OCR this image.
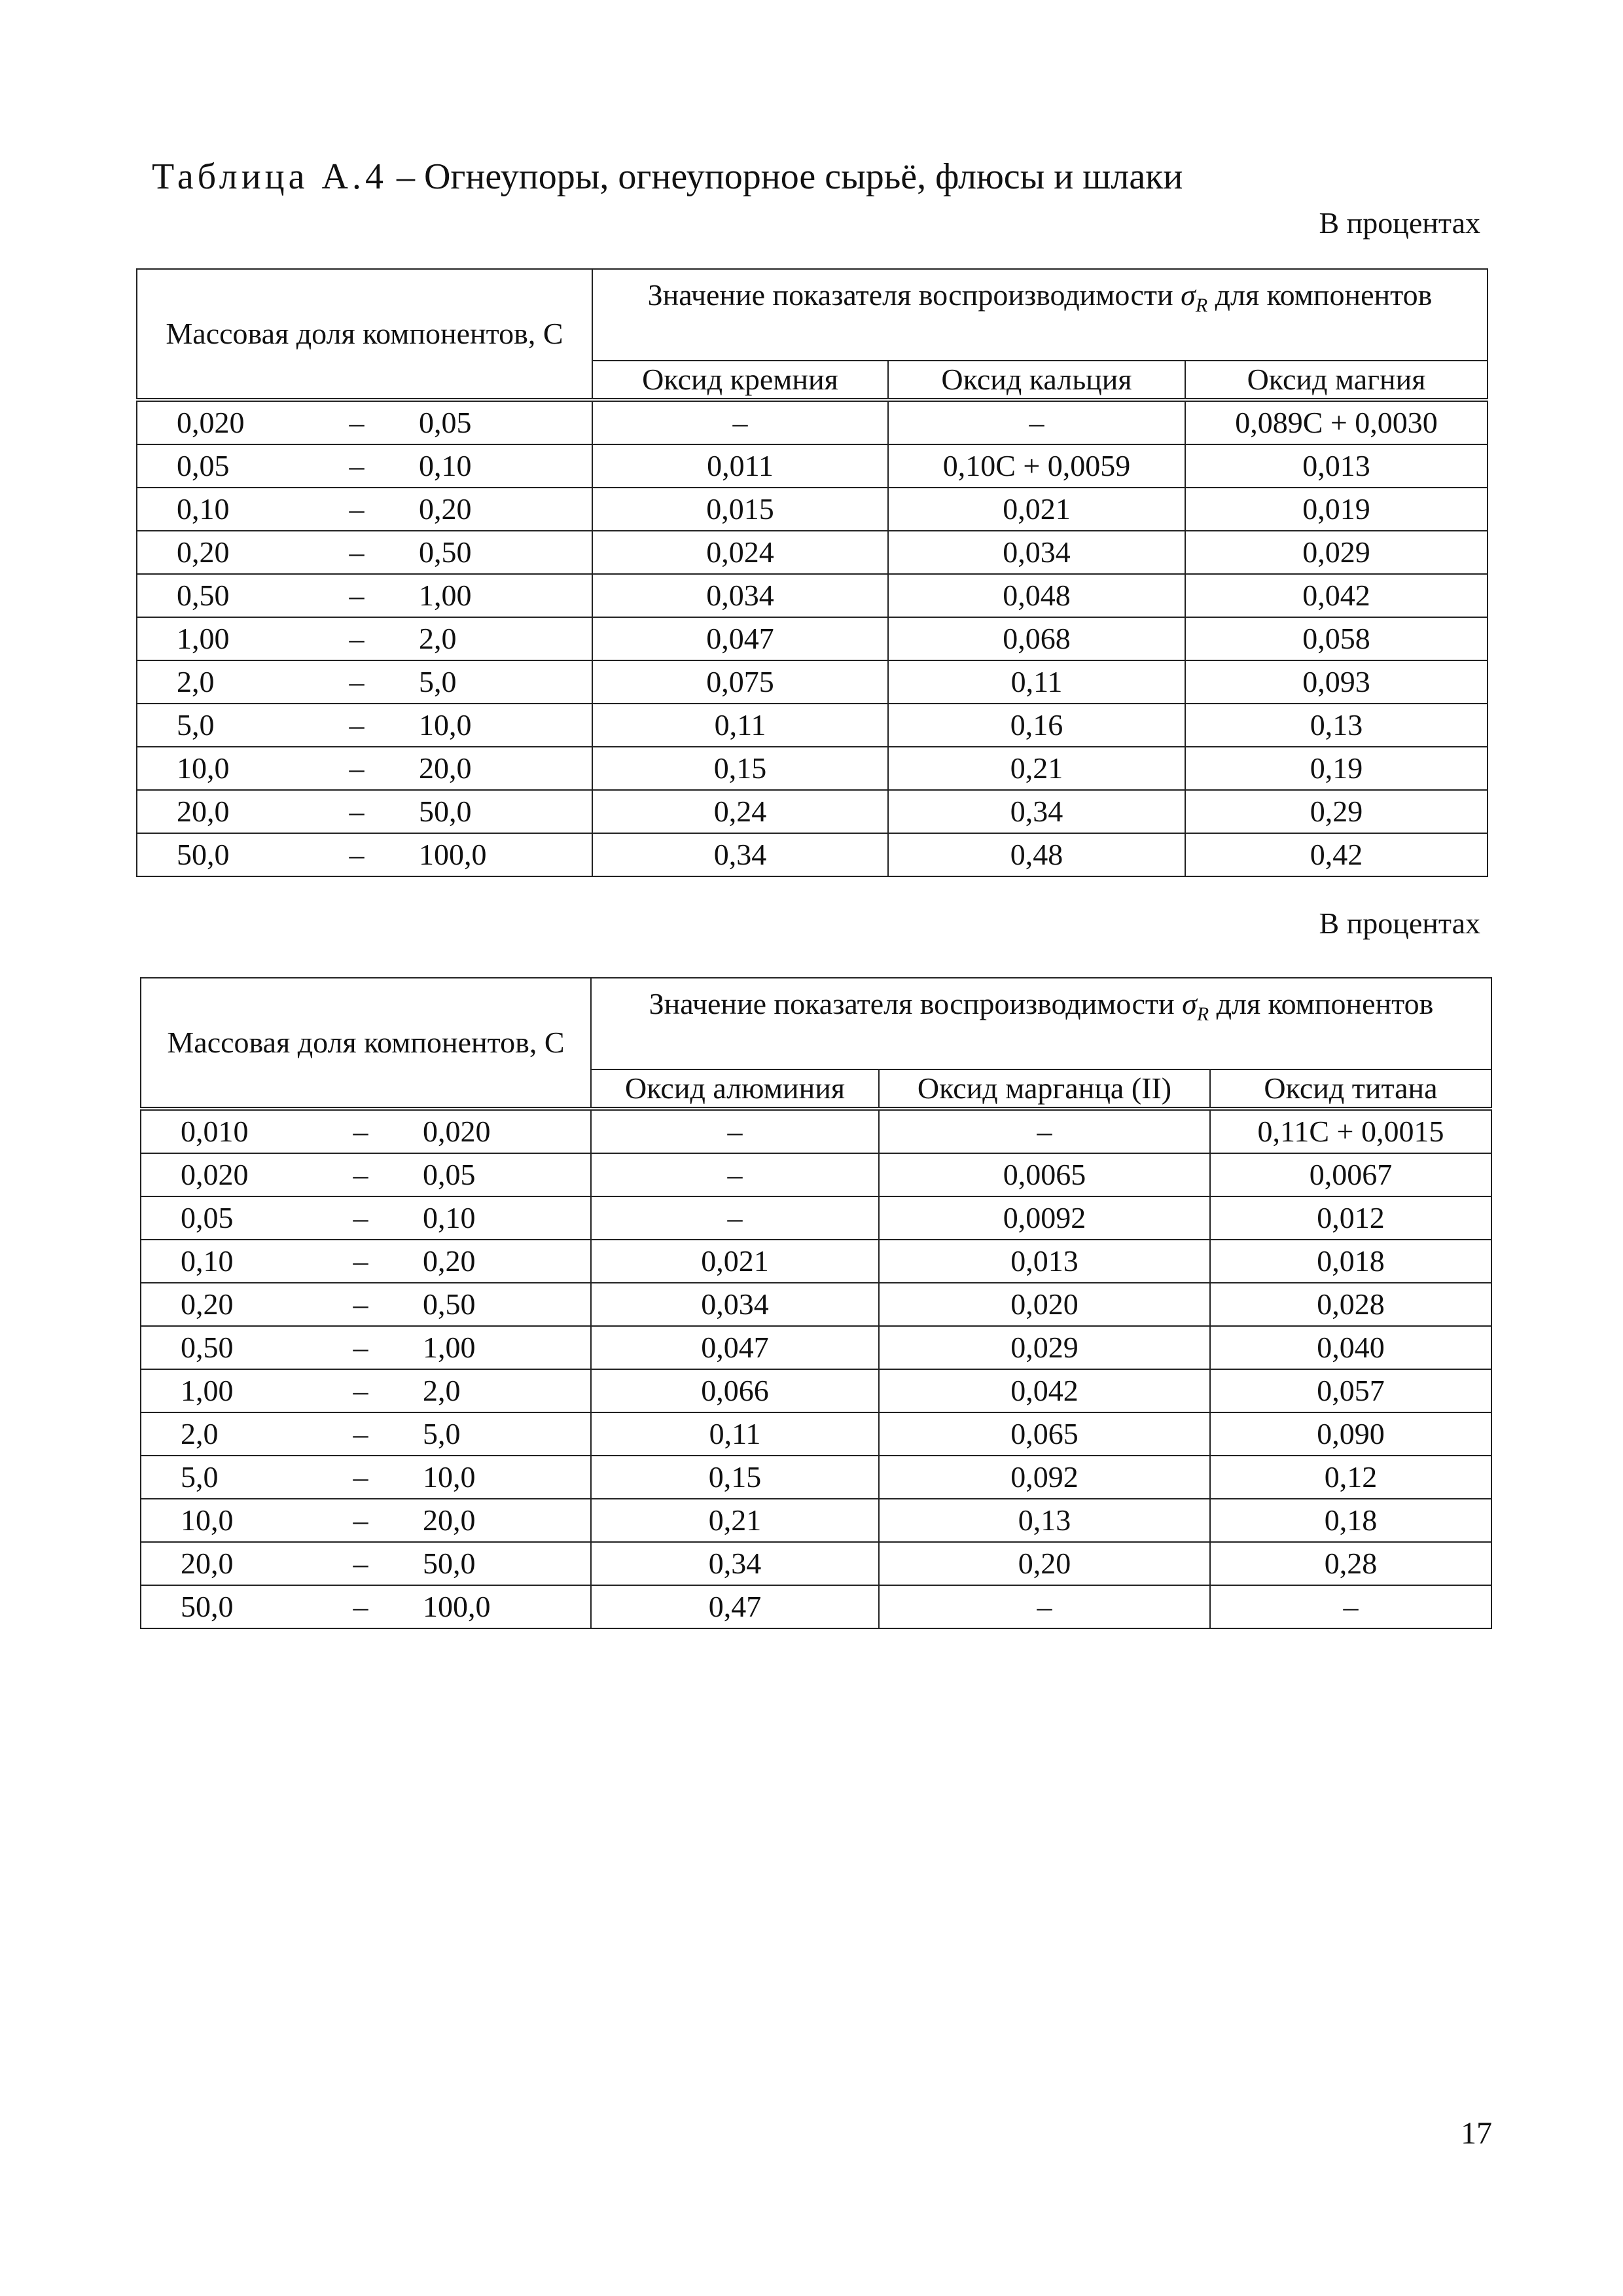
Таблица А.4 – Огнеупоры, огнеупорное сырьё, флюсы и шлаки
В процентах
Массовая доля компонентов, С	Значение показателя воспроизводимости $\sigma_R$ для компонентов		
	Оксид кремния	Оксид кальция	Оксид магния

0,020 – 0,05	–	–	0,089С + 0,0030

0,05 – 0,10	0,011	0,10С + 0,0059	0,013

0,10 – 0,20	0,015	0,021	0,019

0,20 – 0,50	0,024	0,034	0,029

0,50 – 1,00	0,034	0,048	0,042

1,00 – 2,0	0,047	0,068	0,058

2,0 – 5,0	0,075	0,11	0,093

5,0 – 10,0	0,11	0,16	0,13

10,0 – 20,0	0,15	0,21	0,19

20,0 – 50,0	0,24	0,34	0,29

50,0 – 100,0	0,34	0,48	0,42
В процентах
Массовая доля компонентов, С	Значение показателя воспроизводимости $\sigma_R$ для компонентов		
	Оксид алюминия	Оксид марганца (II)	Оксид титана

0,010 – 0,020	–	–	0,11С + 0,0015

0,020 – 0,05	–	0,0065	0,0067

0,05 – 0,10	–	0,0092	0,012

0,10 – 0,20	0,021	0,013	0,018

0,20 – 0,50	0,034	0,020	0,028

0,50 – 1,00	0,047	0,029	0,040

1,00 – 2,0	0,066	0,042	0,057

2,0 – 5,0	0,11	0,065	0,090

5,0 – 10,0	0,15	0,092	0,12

10,0 – 20,0	0,21	0,13	0,18

20,0 – 50,0	0,34	0,20	0,28

50,0 – 100,0	0,47	–	–
17
